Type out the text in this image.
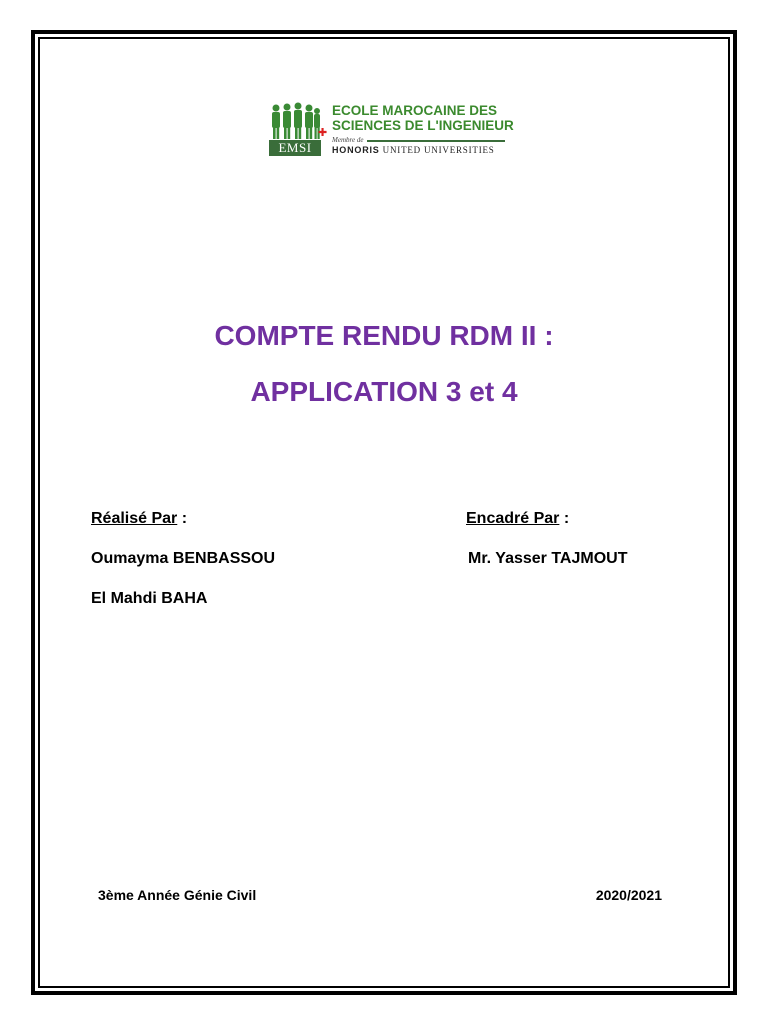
EMSI
✚
ECOLE MAROCAINE DES
SCIENCES DE L'INGENIEUR
Membre de
HONORIS UNITED UNIVERSITIES
COMPTE RENDU RDM II :
APPLICATION 3 et 4
Réalisé Par :
Oumayma BENBASSOU
El Mahdi BAHA
Encadré Par :
Mr. Yasser TAJMOUT
3ème Année Génie Civil	2020/2021
